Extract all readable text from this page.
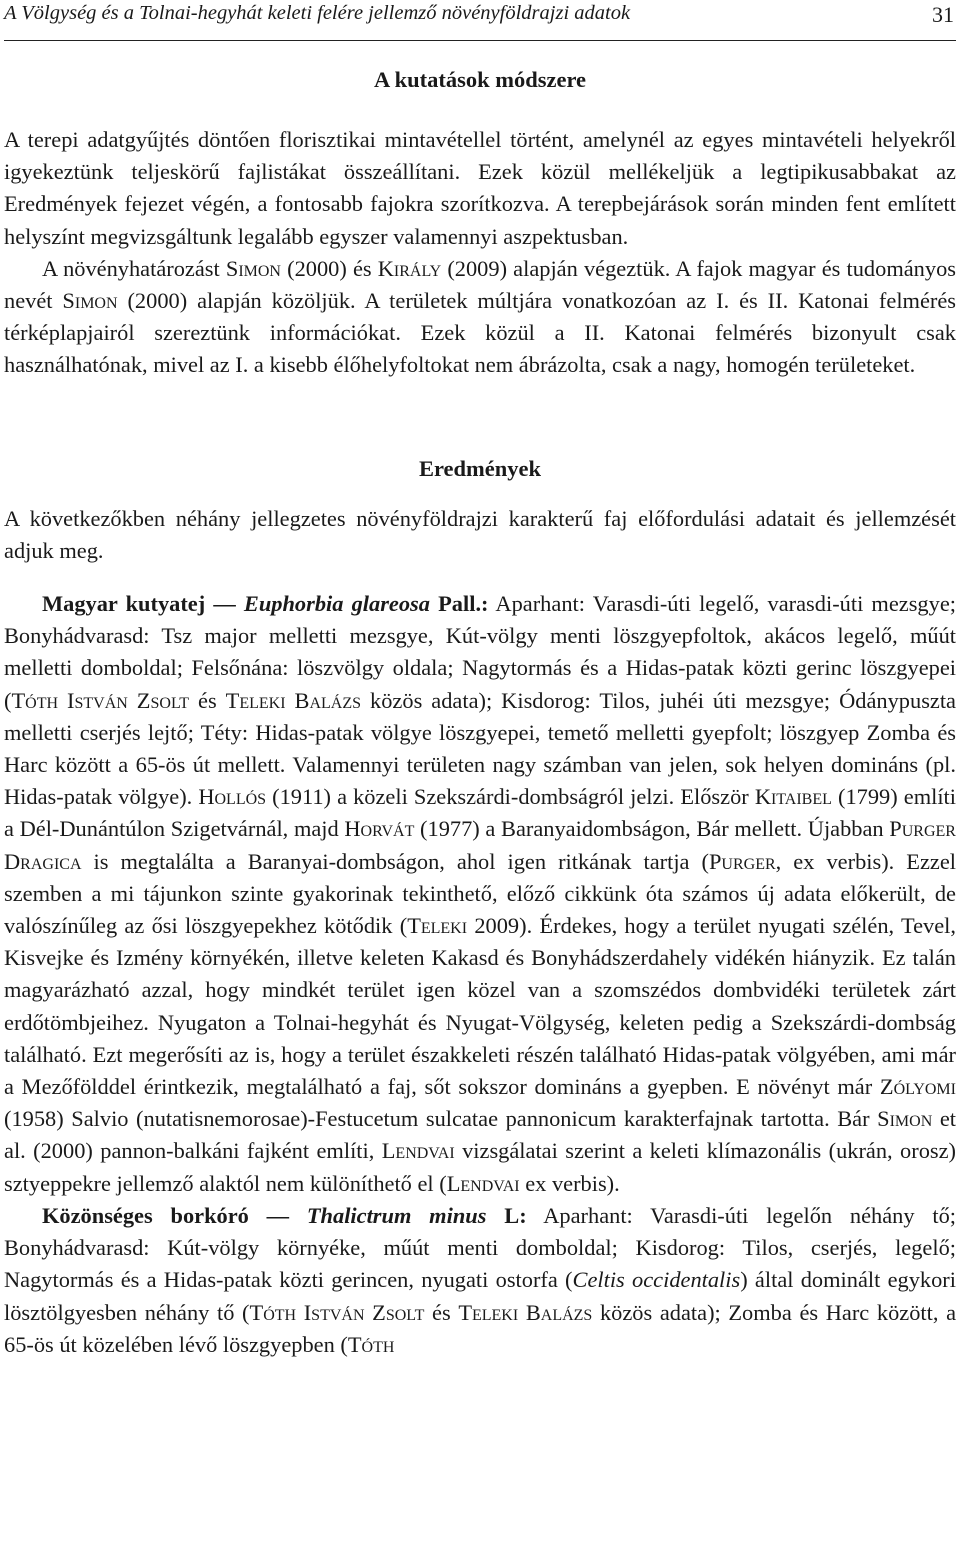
A Völgység és a Tolnai-hegyhát keleti felére jellemző növényföldrajzi adatok	31
A kutatások módszere

A terepi adatgyűjtés döntően florisztikai mintavétellel történt, amelynél az egyes mintavételi helyekről igyekeztünk teljeskörű fajlistákat összeállítani. Ezek közül mellékeljük a legtipikusabbakat az Eredmények fejezet végén, a fontosabb fajokra szorítkozva. A terepbejárások során minden fent említett helyszínt megvizsgáltunk legalább egyszer valamennyi aszpektusban.

A növényhatározást Simon (2000) és Király (2009) alapján végeztük. A fajok magyar és tudományos nevét Simon (2000) alapján közöljük. A területek múltjára vonatkozóan az I. és II. Katonai felmérés térképlapjairól szereztünk információkat. Ezek közül a II. Katonai felmérés bizonyult csak használhatónak, mivel az I. a kisebb élőhelyfoltokat nem ábrázolta, csak a nagy, homogén területeket.

Eredmények

A következőkben néhány jellegzetes növényföldrajzi karakterű faj előfordulási adatait és jellemzését adjuk meg.

Magyar kutyatej — Euphorbia glareosa Pall.: Aparhant: Varasdi-úti legelő, varasdi-úti mezsgye; Bonyhádvarasd: Tsz major melletti mezsgye, Kút-völgy menti löszgyepfoltok, akácos legelő, műút melletti domboldal; Felsőnána: löszvölgy oldala; Nagytormás és a Hidas-patak közti gerinc löszgyepei (Tóth István Zsolt és Teleki Balázs közös adata); Kisdorog: Tilos, juhéi úti mezsgye; Ódánypuszta melletti cserjés lejtő; Téty: Hidas-patak völgye löszgyepei, temető melletti gyepfolt; löszgyep Zomba és Harc között a 65-ös út mellett. Valamennyi területen nagy számban van jelen, sok helyen domináns (pl. Hidas-patak völgye). Hollós (1911) a közeli Szekszárdi-dombságról jelzi. Először Kitaibel (1799) említi a Dél-Dunántúlon Szigetvárnál, majd Horvát (1977) a Baranyaidombságon, Bár mellett. Újabban Purger Dragica is megtalálta a Baranyai-dombságon, ahol igen ritkának tartja (Purger, ex verbis). Ezzel szemben a mi tájunkon szinte gyakorinak tekinthető, előző cikkünk óta számos új adata előkerült, de valószínűleg az ősi löszgyepekhez kötődik (Teleki 2009). Érdekes, hogy a terület nyugati szélén, Tevel, Kisvejke és Izmény környékén, illetve keleten Kakasd és Bonyhádszerdahely vidékén hiányzik. Ez talán magyarázható azzal, hogy mindkét terület igen közel van a szomszédos dombvidéki területek zárt erdőtömbjeihez. Nyugaton a Tolnai-hegyhát és Nyugat-Völgység, keleten pedig a Szekszárdi-dombság található. Ezt megerősíti az is, hogy a terület északkeleti részén található Hidas-patak völgyében, ami már a Mezőfölddel érintkezik, megtalálható a faj, sőt sokszor domináns a gyepben. E növényt már Zólyomi (1958) Salvio (nutatisnemorosae)-Festucetum sulcatae pannonicum karakterfajnak tartotta. Bár Simon et al. (2000) pannon-balkáni fajként említi, Lendvai vizsgálatai szerint a keleti klímazonális (ukrán, orosz) sztyeppekre jellemző alaktól nem különíthető el (Lendvai ex verbis).

Közönséges borkóró — Thalictrum minus L: Aparhant: Varasdi-úti legelőn néhány tő; Bonyhádvarasd: Kút-völgy környéke, műút menti domboldal; Kisdorog: Tilos, cserjés, legelő; Nagytormás és a Hidas-patak közti gerincen, nyugati ostorfa (Celtis occidentalis) által dominált egykori lösztölgyesben néhány tő (Tóth István Zsolt és Teleki Balázs közös adata); Zomba és Harc között, a 65-ös út közelében lévő löszgyepben (Tóth
